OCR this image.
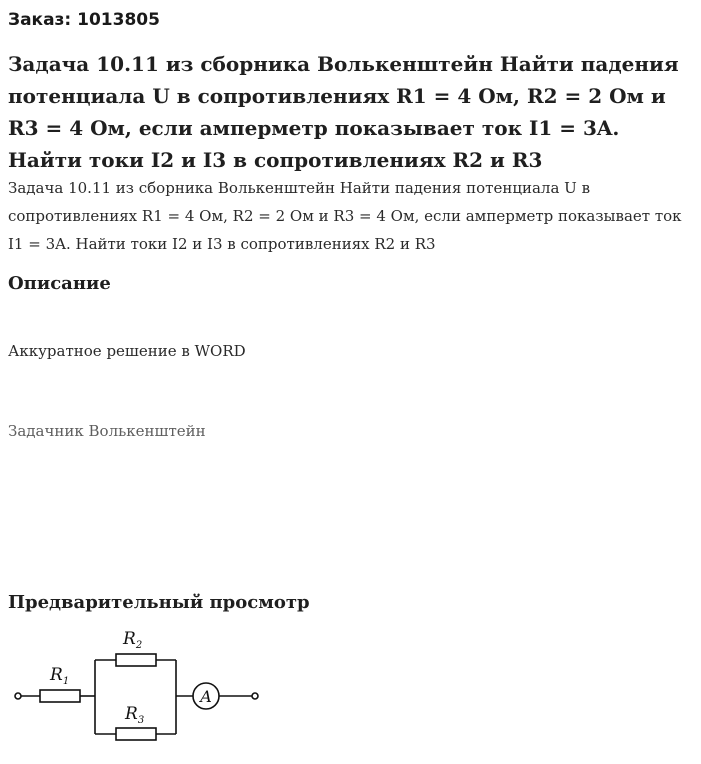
Заказ: 1013805
Задача 10.11 из сборника Волькенштейн Найти падения потенциала U в сопротивлениях R1 = 4 Ом, R2 = 2 Ом и R3 = 4 Ом, если амперметр показывает ток I1 = 3A. Найти токи I2 и I3 в сопротивлениях R2 и R3
Задача 10.11 из сборника Волькенштейн Найти падения потенциала U в сопротивлениях R1 = 4 Ом, R2 = 2 Ом и R3 = 4 Ом, если амперметр показывает ток I1 = 3A. Найти токи I2 и I3 в сопротивлениях R2 и R3
Описание
Аккуратное решение в WORD
Задачник Волькенштейн
Предварительный просмотр
$R_1$
$R_2$
$R_3$
A
